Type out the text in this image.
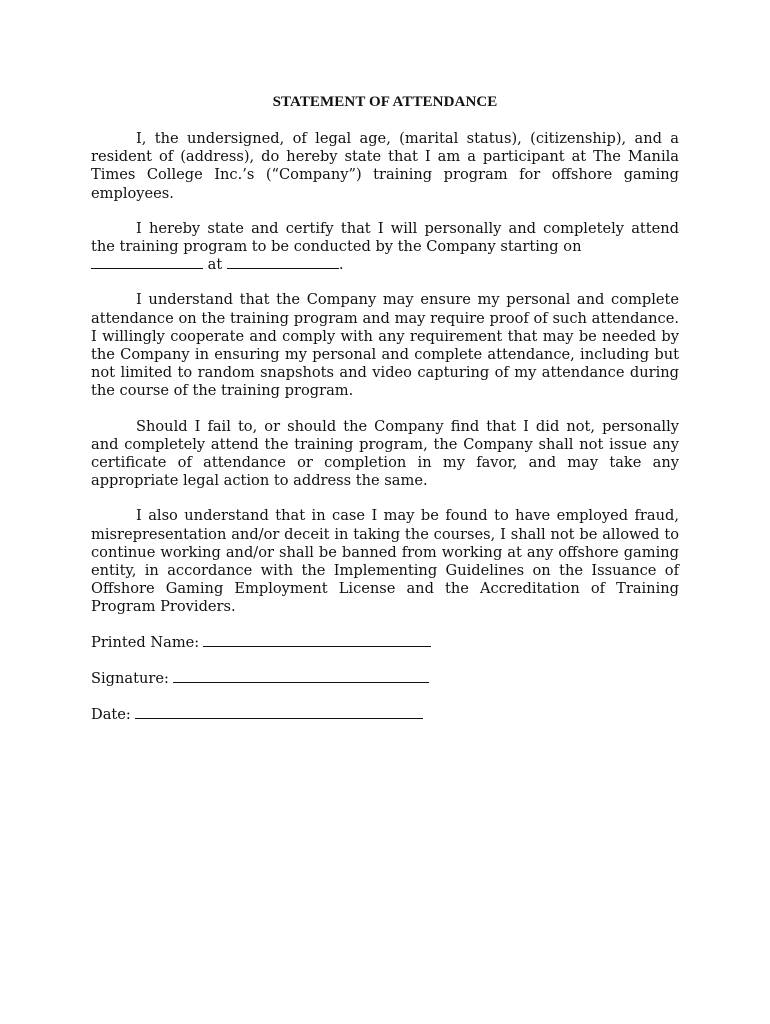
STATEMENT OF ATTENDANCE

I, the undersigned, of legal age, (marital status), (citizenship), and a resident of (address), do hereby state that I am a participant at The Manila Times College Inc.’s (“Company”) training program for offshore gaming employees.

I hereby state and certify that I will personally and completely attend the training program to be conducted by the Company starting on
at	.

I understand that the Company may ensure my personal and complete attendance on the training program and may require proof of such attendance. I willingly cooperate and comply with any requirement that may be needed by the Company in ensuring my personal and complete attendance, including but not limited to random snapshots and video capturing of my attendance during the course of the training program.

Should I fail to, or should the Company find that I did not, personally and completely attend the training program, the Company shall not issue any certificate of attendance or completion in my favor, and may take any appropriate legal action to address the same.

I also understand that in case I may be found to have employed fraud, misrepresentation and/or deceit in taking the courses, I shall not be allowed to continue working and/or shall be banned from working at any offshore gaming entity, in accordance with the Implementing Guidelines on the Issuance of Offshore Gaming Employment License and the Accreditation of Training Program Providers.

Printed Name:
Signature:
Date:
